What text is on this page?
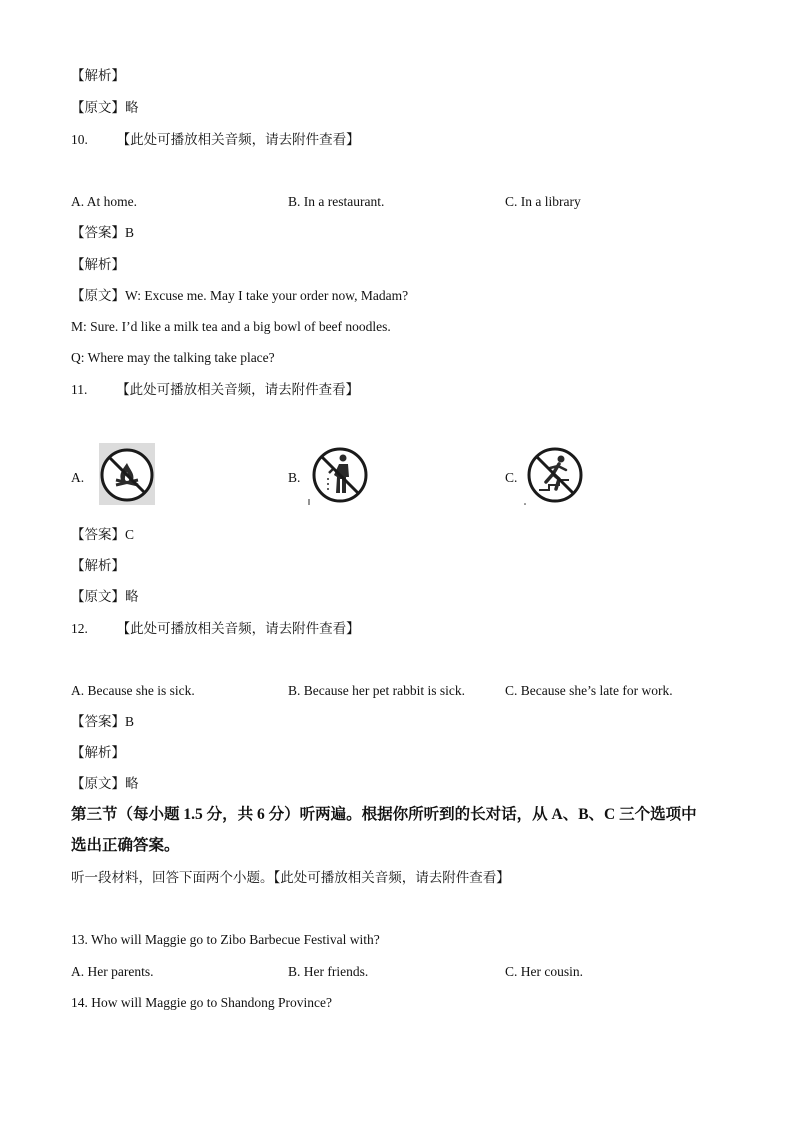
【解析】
【原文】略
10. 【此处可播放相关音频，请去附件查看】
A. At home.	B. In a restaurant.	C. In a library
【答案】B
【解析】
【原文】W: Excuse me. May I take your order now, Madam?
M: Sure. I’d like a milk tea and a big bowl of beef noodles.
Q: Where may the talking take place?
11. 【此处可播放相关音频，请去附件查看】
A.	B.	C.
【答案】C
【解析】
【原文】略
12. 【此处可播放相关音频，请去附件查看】
A. Because she is sick.	B. Because her pet rabbit is sick.	C. Because she’s late for work.
【答案】B
【解析】
【原文】略
第三节（每小题 1.5 分，共 6 分）听两遍。根据你所听到的长对话，从 A、B、C 三个选项中
选出正确答案。
听一段材料，回答下面两个小题。【此处可播放相关音频，请去附件查看】
13. Who will Maggie go to Zibo Barbecue Festival with?
A. Her parents.	B. Her friends.	C. Her cousin.
14. How will Maggie go to Shandong Province?
